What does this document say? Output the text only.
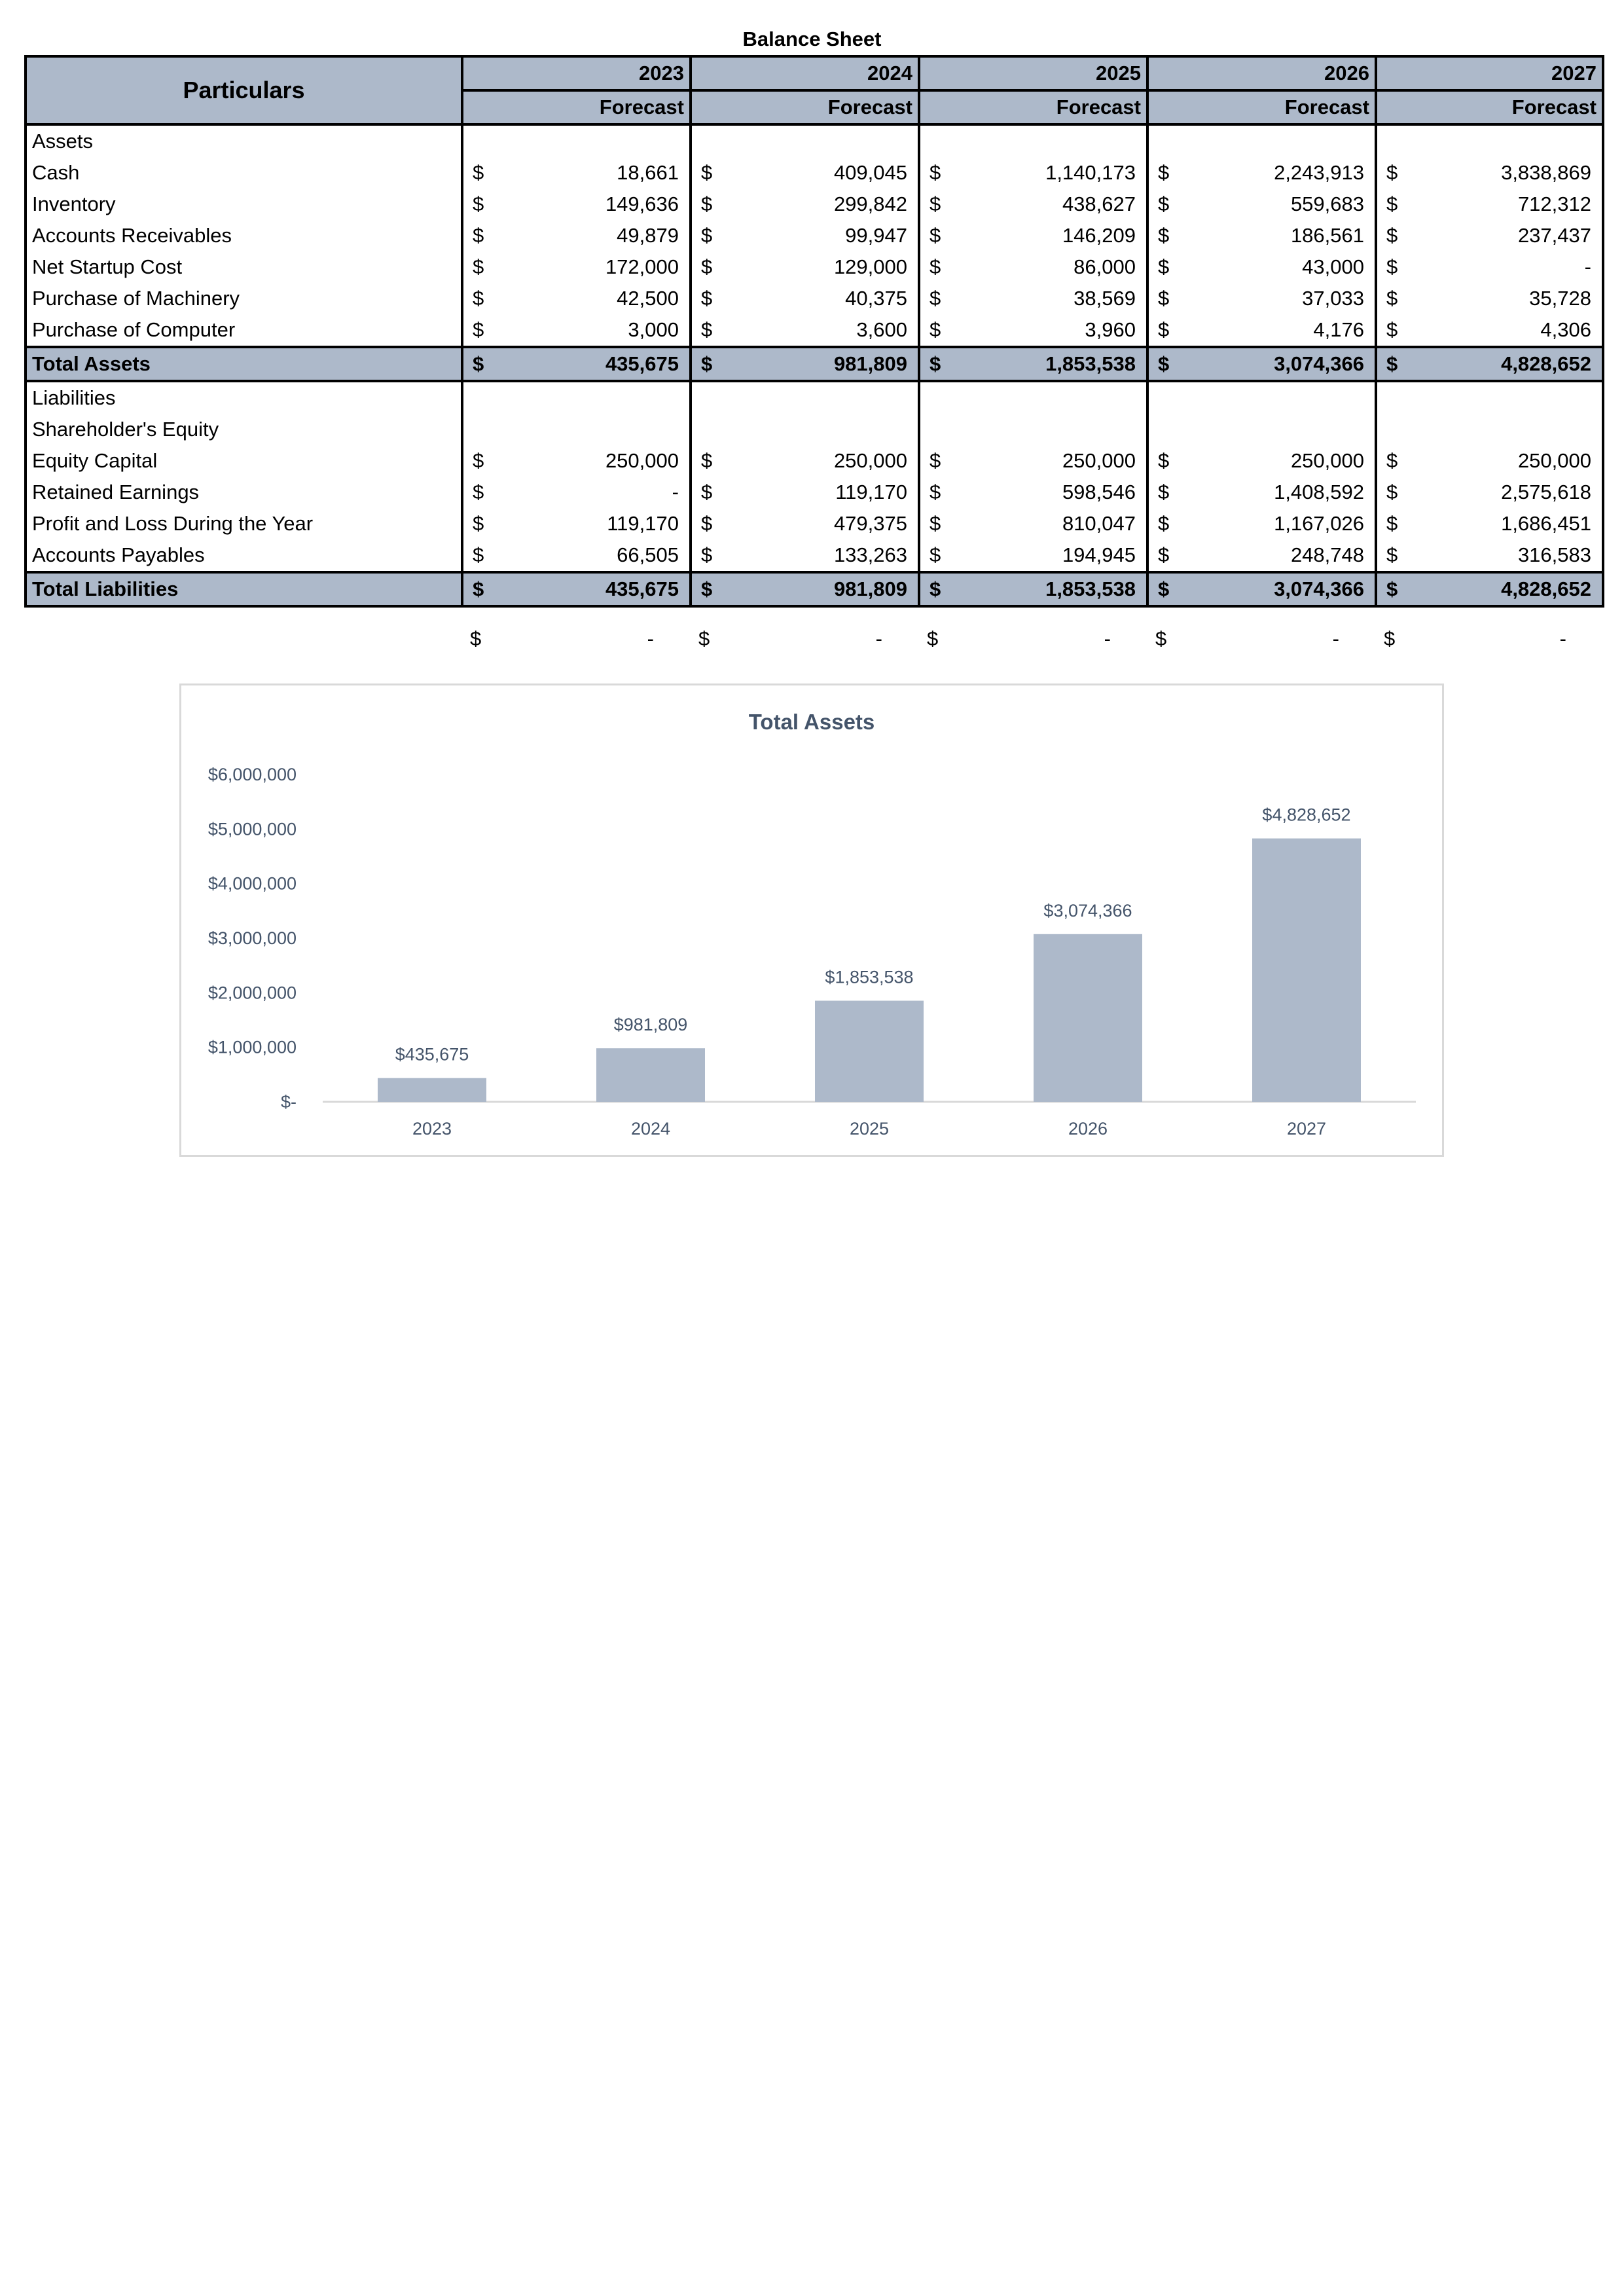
Balance Sheet
Particulars	2023		2024		2025		2026		2027	
	Forecast		Forecast		Forecast		Forecast		Forecast	
Assets										
Cash	$	18,661	$	409,045	$	1,140,173	$	2,243,913	$	3,838,869
Inventory	$	149,636	$	299,842	$	438,627	$	559,683	$	712,312
Accounts Receivables	$	49,879	$	99,947	$	146,209	$	186,561	$	237,437
Net Startup Cost	$	172,000	$	129,000	$	86,000	$	43,000	$	-
Purchase of Machinery	$	42,500	$	40,375	$	38,569	$	37,033	$	35,728
Purchase of Computer	$	3,000	$	3,600	$	3,960	$	4,176	$	4,306
Total Assets	$	435,675	$	981,809	$	1,853,538	$	3,074,366	$	4,828,652
Liabilities										
Shareholder's Equity										
Equity Capital	$	250,000	$	250,000	$	250,000	$	250,000	$	250,000
Retained Earnings	$	-	$	119,170	$	598,546	$	1,408,592	$	2,575,618
Profit and Loss During the Year	$	119,170	$	479,375	$	810,047	$	1,167,026	$	1,686,451
Accounts Payables	$	66,505	$	133,263	$	194,945	$	248,748	$	316,583
Total Liabilities	$	435,675	$	981,809	$	1,853,538	$	3,074,366	$	4,828,652
	$	-	$	-	$	-	$	-	$	-
Total Assets
$-
$1,000,000
$2,000,000
$3,000,000
$4,000,000
$5,000,000
$6,000,000
$435,675
2023
$981,809
2024
$1,853,538
2025
$3,074,366
2026
$4,828,652
2027
